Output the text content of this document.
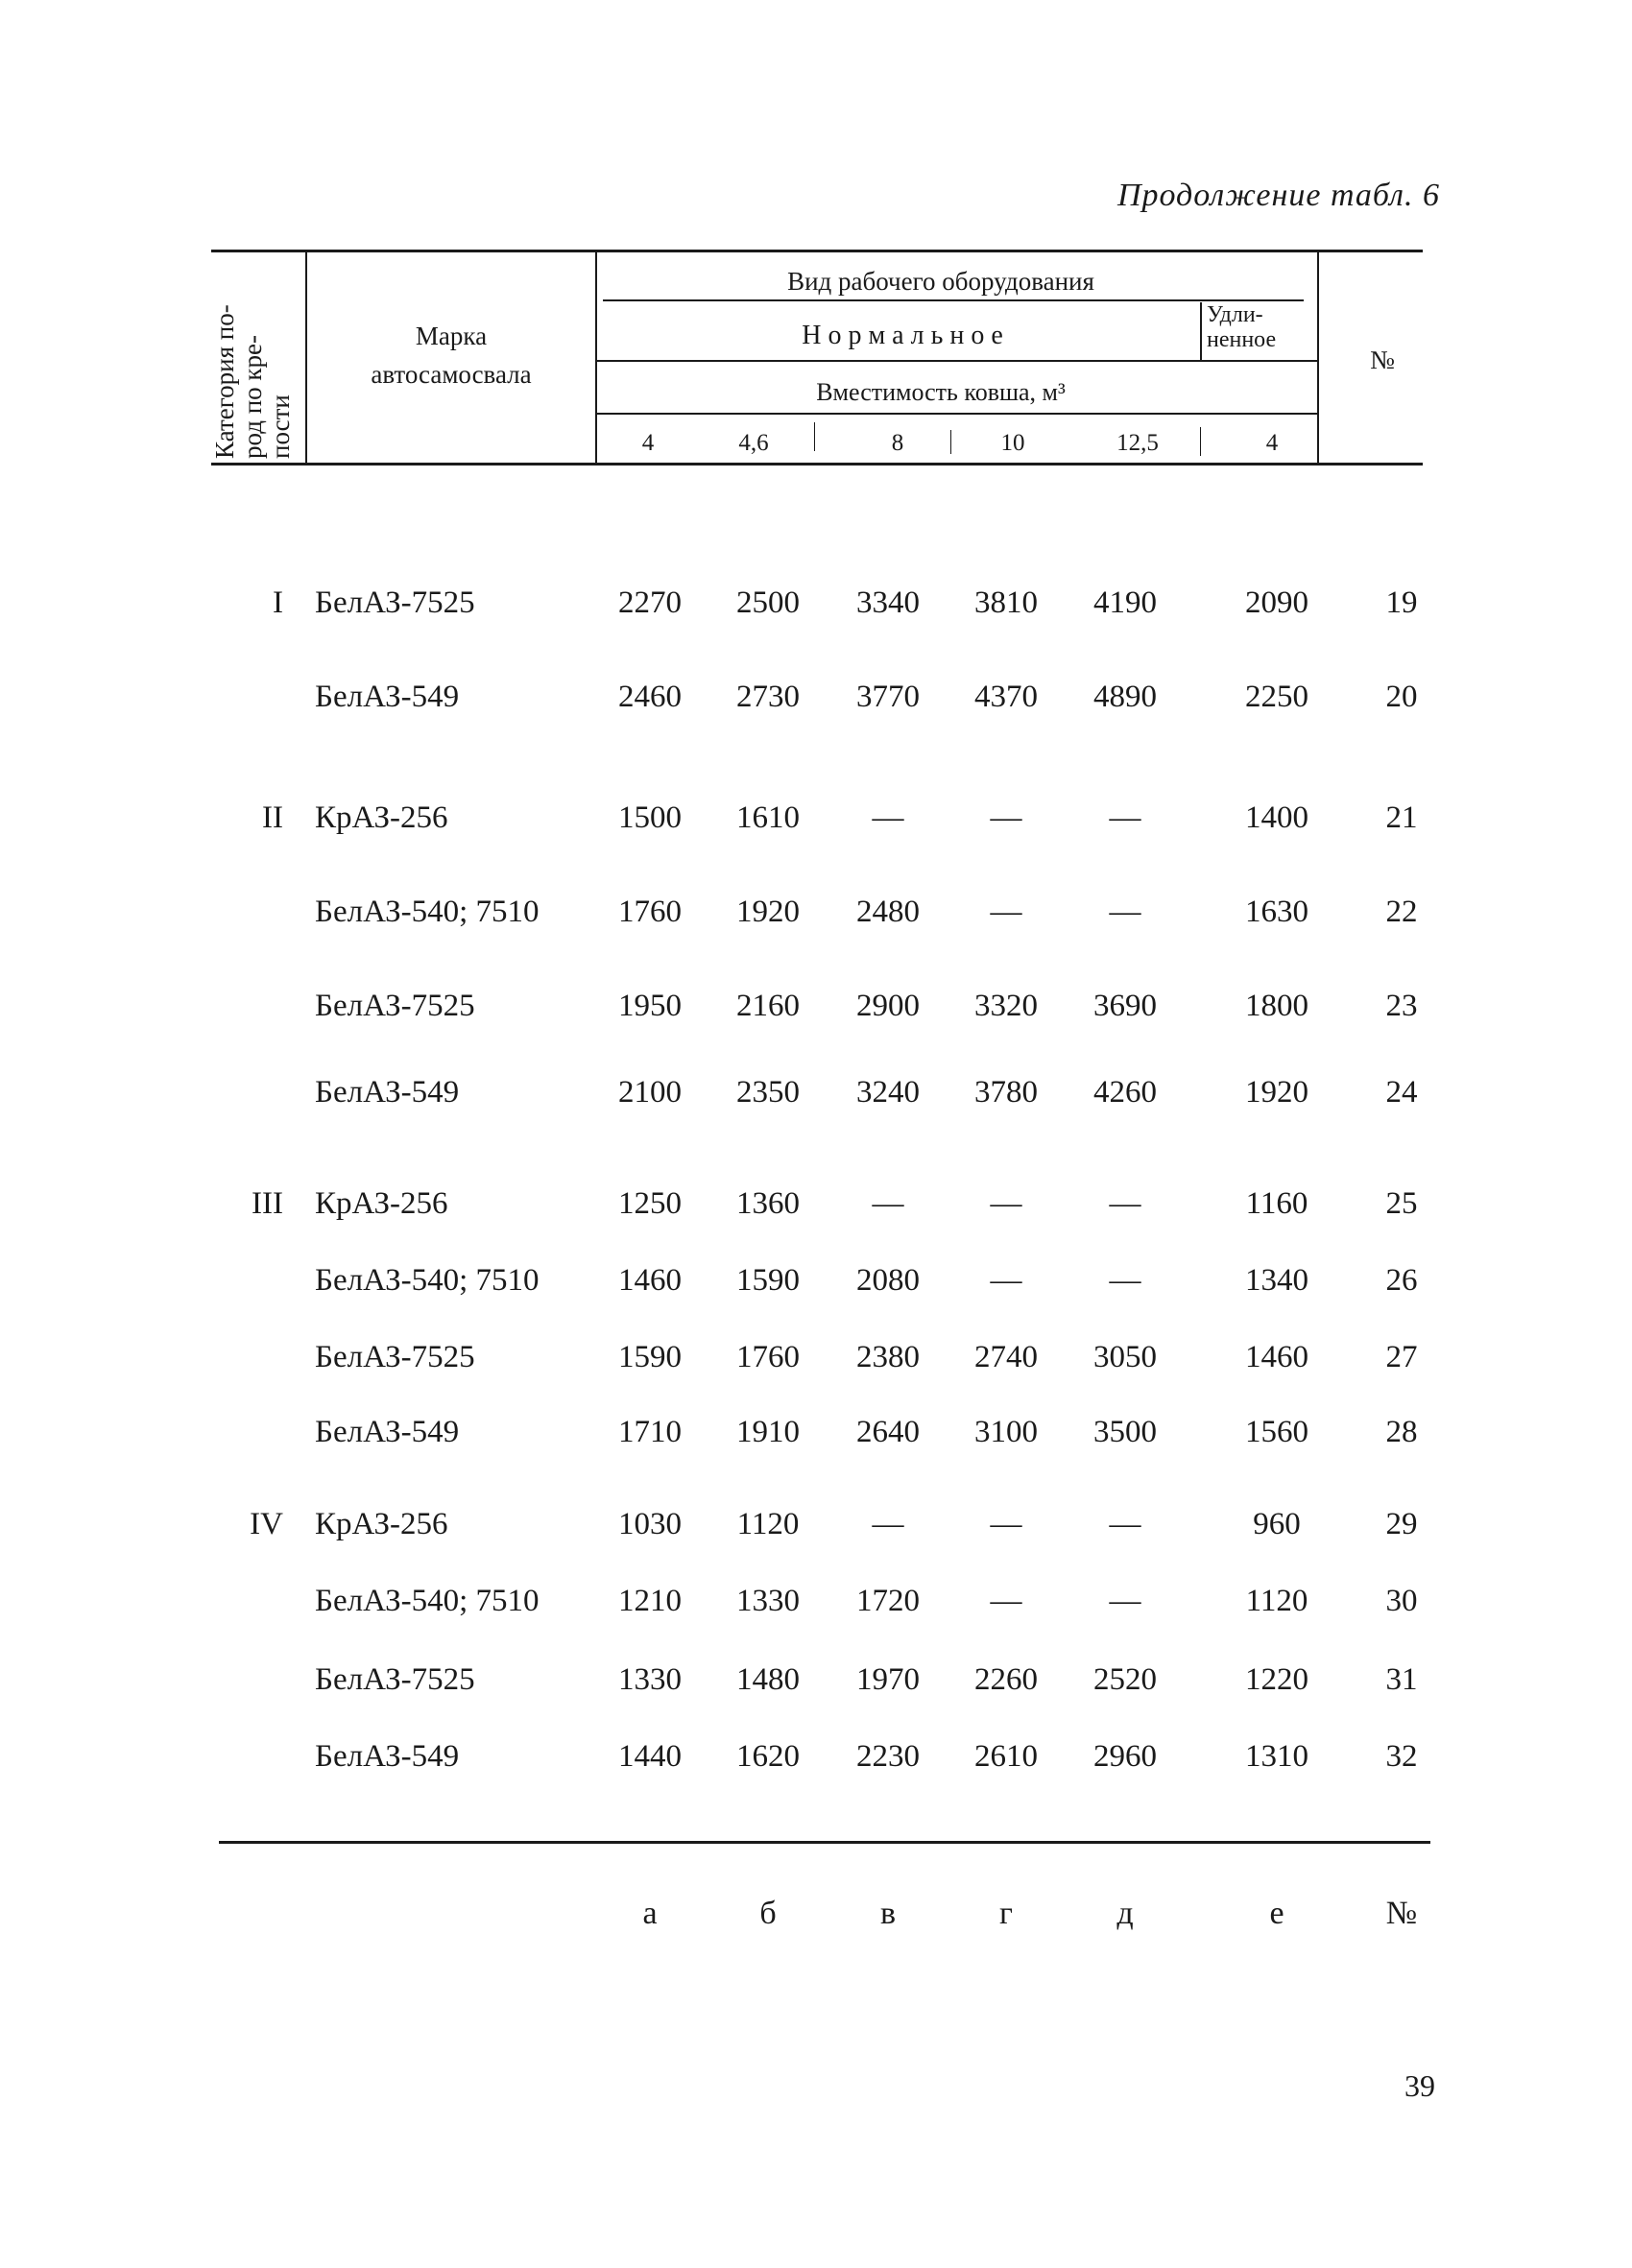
Продолжение табл. 6
Категория по- род по кре- пости
Марка
автосамосвала
Вид рабочего оборудования
Н о р м а л ь н о е
Удли-
ненное
Вместимость ковша, м³
№
4	4,6	8	10	12,5	4
I БелАЗ-7525	2270	2500	3340	3810	4190	2090	19
БелАЗ-549	2460	2730	3770	4370	4890	2250	20
II КрАЗ-256	1500	1610	—	—	—	1400	21
БелАЗ-540; 7510	1760	1920	2480	—	—	1630	22
БелАЗ-7525	1950	2160	2900	3320	3690	1800	23
БелАЗ-549	2100	2350	3240	3780	4260	1920	24
III КрАЗ-256	1250	1360	—	—	—	1160	25
БелАЗ-540; 7510	1460	1590	2080	—	—	1340	26
БелАЗ-7525	1590	1760	2380	2740	3050	1460	27
БелАЗ-549	1710	1910	2640	3100	3500	1560	28
IV КрАЗ-256	1030	1120	—	—	—	960	29
БелАЗ-540; 7510	1210	1330	1720	—	—	1120	30
БелАЗ-7525	1330	1480	1970	2260	2520	1220	31
БелАЗ-549	1440	1620	2230	2610	2960	1310	32
а	б	в	г	д	е	№
39
